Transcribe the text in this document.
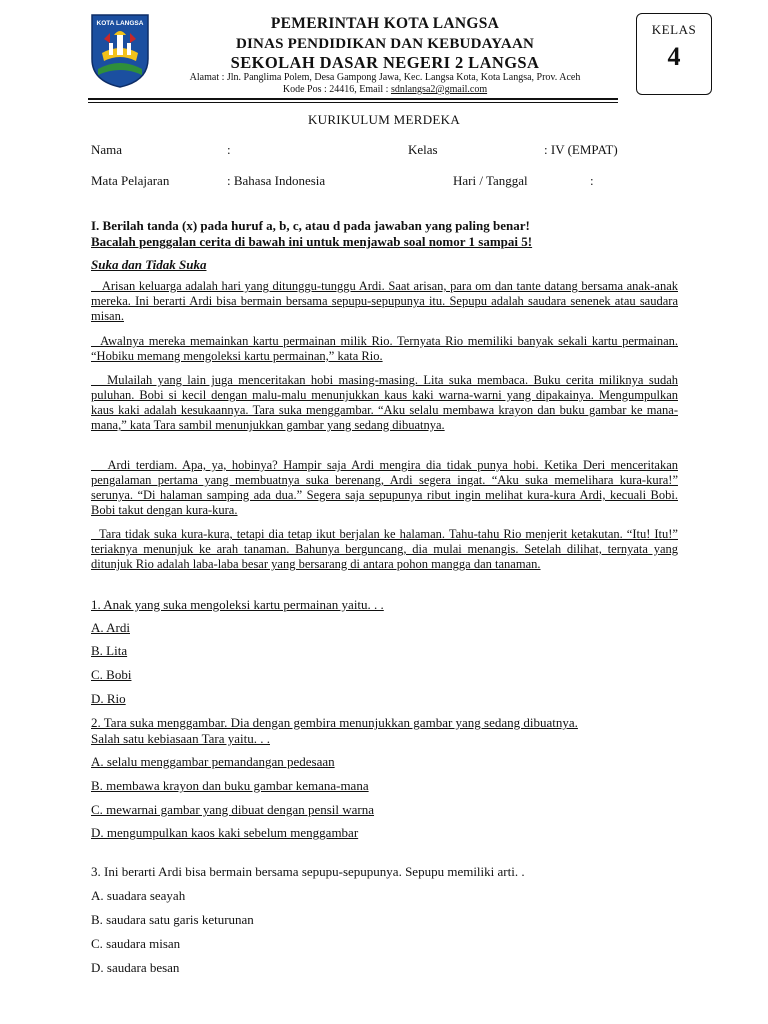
KOTA LANGSA	PEMERINTAH KOTA LANGSA
DINAS PENDIDIKAN DAN KEBUDAYAAN
SEKOLAH DASAR NEGERI 2 LANGSA
Alamat : Jln. Panglima Polem, Desa Gampong Jawa, Kec. Langsa Kota, Kota Langsa, Prov. Aceh
Kode Pos : 24416, Email : sdnlangsa2@gmail.com
KELAS
4
KURIKULUM MERDEKA
Nama	:	Kelas	: IV (EMPAT)
Mata Pelajaran	: Bahasa Indonesia	Hari / Tanggal	:
I. Berilah tanda (x) pada huruf a, b, c, atau d pada jawaban yang paling benar!
Bacalah penggalan cerita di bawah ini untuk menjawab soal nomor 1 sampai 5!
Suka dan Tidak Suka
Arisan keluarga adalah hari yang ditunggu-tunggu Ardi. Saat arisan, para om dan tante datang bersama anak-anak mereka. Ini berarti Ardi bisa bermain bersama sepupu-sepupunya itu. Sepupu adalah saudara senenek atau saudara misan.
Awalnya mereka memainkan kartu permainan milik Rio. Ternyata Rio memiliki banyak sekali kartu permainan. “Hobiku memang mengoleksi kartu permainan,” kata Rio.
Mulailah yang lain juga menceritakan hobi masing-masing. Lita suka membaca. Buku cerita miliknya sudah puluhan. Bobi si kecil dengan malu-malu menunjukkan kaus kaki warna-warni yang dipakainya. Mengumpulkan kaus kaki adalah kesukaannya. Tara suka menggambar. “Aku selalu membawa krayon dan buku gambar ke mana-mana,” kata Tara sambil menunjukkan gambar yang sedang dibuatnya.
Ardi terdiam. Apa, ya, hobinya? Hampir saja Ardi mengira dia tidak punya hobi. Ketika Deri menceritakan pengalaman pertama yang membuatnya suka berenang, Ardi segera ingat. “Aku suka memelihara kura-kura!” serunya. “Di halaman samping ada dua.” Segera saja sepupunya ribut ingin melihat kura-kura Ardi, kecuali Bobi. Bobi takut dengan kura-kura.
Tara tidak suka kura-kura, tetapi dia tetap ikut berjalan ke halaman. Tahu-tahu Rio menjerit ketakutan. “Itu! Itu!” teriaknya menunjuk ke arah tanaman. Bahunya berguncang, dia mulai menangis. Setelah dilihat, ternyata yang ditunjuk Rio adalah laba-laba besar yang bersarang di antara pohon mangga dan tanaman.
1. Anak yang suka mengoleksi kartu permainan yaitu. . .
A. Ardi
B. Lita
C. Bobi
D. Rio
2. Tara suka menggambar. Dia dengan gembira menunjukkan gambar yang sedang dibuatnya.
Salah satu kebiasaan Tara yaitu. . .
A. selalu menggambar pemandangan pedesaan
B. membawa krayon dan buku gambar kemana-mana
C. mewarnai gambar yang dibuat dengan pensil warna
D. mengumpulkan kaos kaki sebelum menggambar
3. Ini berarti Ardi bisa bermain bersama sepupu-sepupunya. Sepupu memiliki arti. .
A. suadara seayah
B. saudara satu garis keturunan
C. saudara misan
D. saudara besan
